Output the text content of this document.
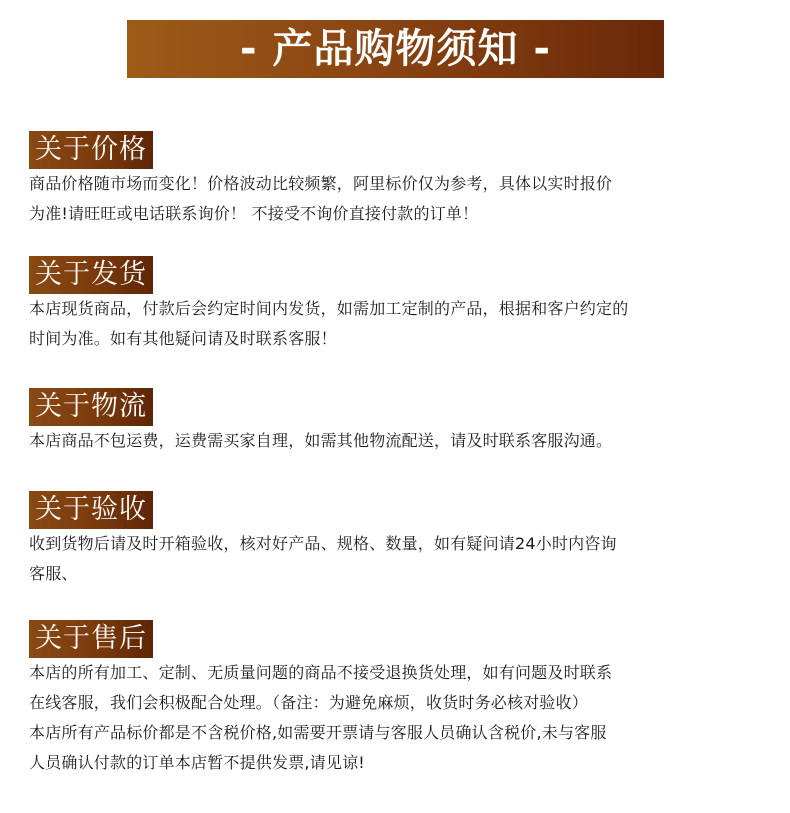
- 产品购物须知 -
关于价格

商品价格随市场而变化！价格波动比较频繁，阿里标价仅为参考，具体以实时报价
为准!请旺旺或电话联系询价！ 不接受不询价直接付款的订单！

关于发货

本店现货商品，付款后会约定时间内发货，如需加工定制的产品，根据和客户约定的
时间为准。如有其他疑问请及时联系客服！

关于物流

本店商品不包运费，运费需买家自理，如需其他物流配送，请及时联系客服沟通。

关于验收

收到货物后请及时开箱验收，核对好产品、规格、数量，如有疑问请24小时内咨询
客服、

关于售后

本店的所有加工、定制、无质量问题的商品不接受退换货处理，如有问题及时联系
在线客服，我们会积极配合处理。（备注：为避免麻烦，收货时务必核对验收）
本店所有产品标价都是不含税价格,如需要开票请与客服人员确认含税价,未与客服
人员确认付款的订单本店暂不提供发票,请见谅!
